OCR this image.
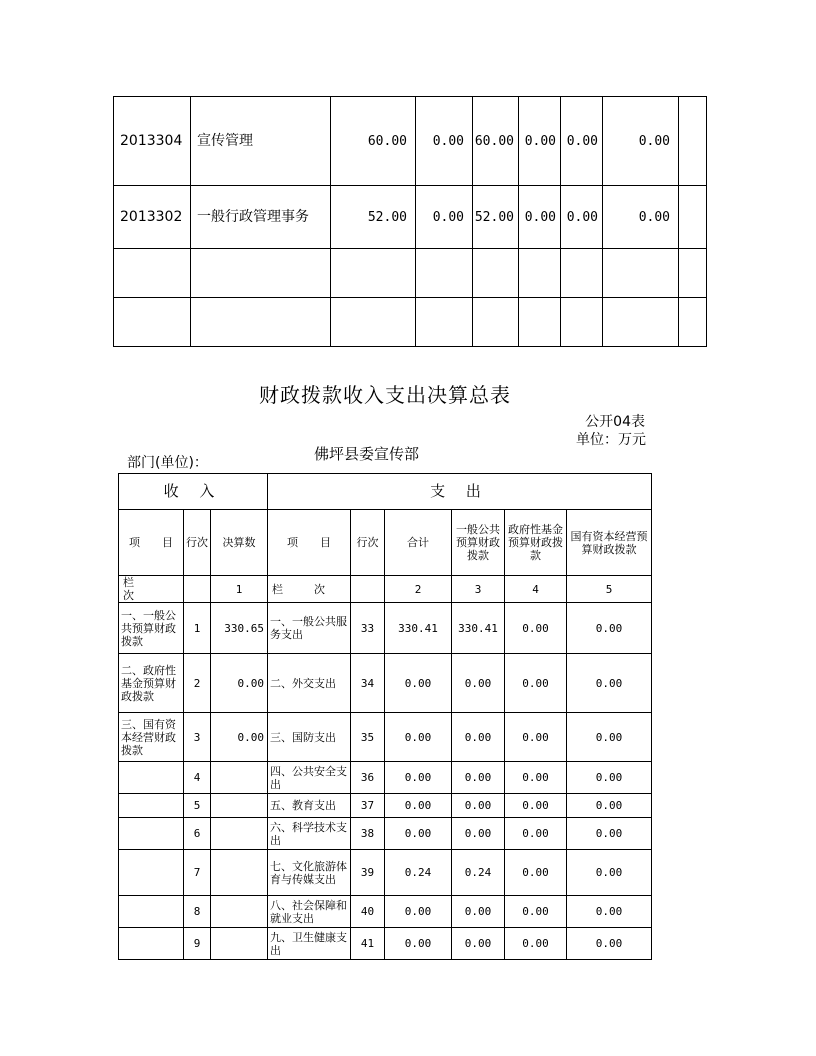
2013304	宣传管理	60.00	0.00	60.00	0.00	0.00	0.00	
2013302	一般行政管理事务	52.00	0.00	52.00	0.00	0.00	0.00	

财政拨款收入支出决算总表
公开04表
单位：万元
部门(单位)：	佛坪县委宣传部
收 入			支 出					
项　　目	行次	决算数	项　　目	行次	合计	一般公共预算财政拨款	政府性基金预算财政拨款	国有资本经营预算财政拨款
栏　次		1	栏　次		2	3	4	5
一、一般公共预算财政拨款	1	330.65	一、一般公共服务支出	33	330.41	330.41	0.00	0.00
二、政府性基金预算财政拨款	2	0.00	二、外交支出	34	0.00	0.00	0.00	0.00
三、国有资本经营财政拨款	3	0.00	三、国防支出	35	0.00	0.00	0.00	0.00
	4		四、公共安全支出	36	0.00	0.00	0.00	0.00
	5		五、教育支出	37	0.00	0.00	0.00	0.00
	6		六、科学技术支出	38	0.00	0.00	0.00	0.00
	7		七、文化旅游体育与传媒支出	39	0.24	0.24	0.00	0.00
	8		八、社会保障和就业支出	40	0.00	0.00	0.00	0.00
	9		九、卫生健康支出	41	0.00	0.00	0.00	0.00
